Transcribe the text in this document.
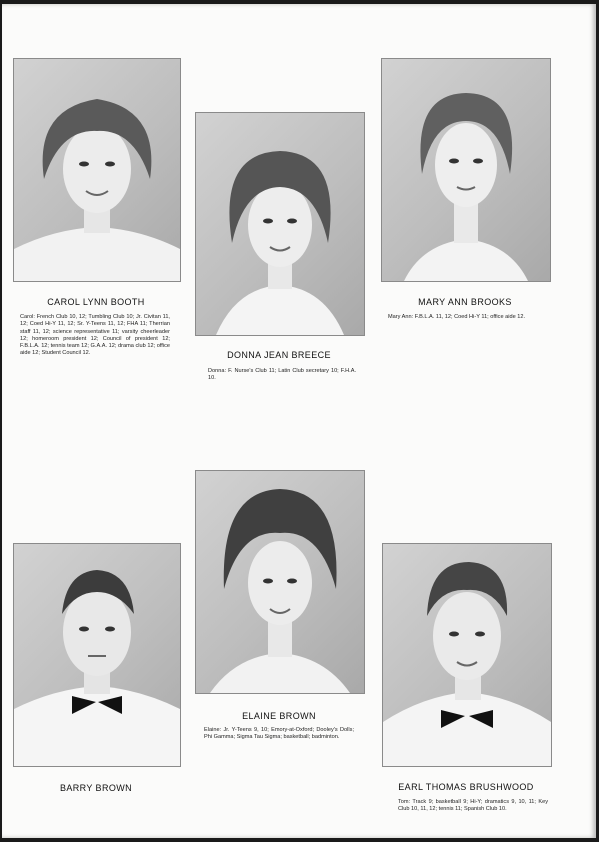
CAROL LYNN BOOTH
Carol: French Club 10, 12; Tumbling Club 10; Jr. Civitan 11, 12; Coed Hi-Y 11, 12; Sr. Y-Teens 11, 12; FHA 11; Therrian staff 11, 12; science representative 11; varsity cheerleader 12; homeroom president 12; Council of president 12; F.B.L.A. 12; tennis team 12; G.A.A. 12; drama club 12; office aide 12; Student Council 12.	DONNA JEAN BREECE
Donna: F. Nurse's Club 11; Latin Club secretary 10; F.H.A. 10.
MARY ANN BROOKS
Mary Ann: F.B.L.A. 11, 12; Coed Hi-Y 11; office aide 12.
BARRY BROWN
ELAINE BROWN
Elaine: Jr. Y-Teens 9, 10; Emory-at-Oxford; Dooley's Dolls; Phi Gamma; Sigma Tau Sigma; basketball; badminton.
EARL THOMAS BRUSHWOOD
Tom: Track 9; basketball 9; Hi-Y; dramatics 9, 10, 11; Key Club 10, 11, 12; tennis 11; Spanish Club 10.
